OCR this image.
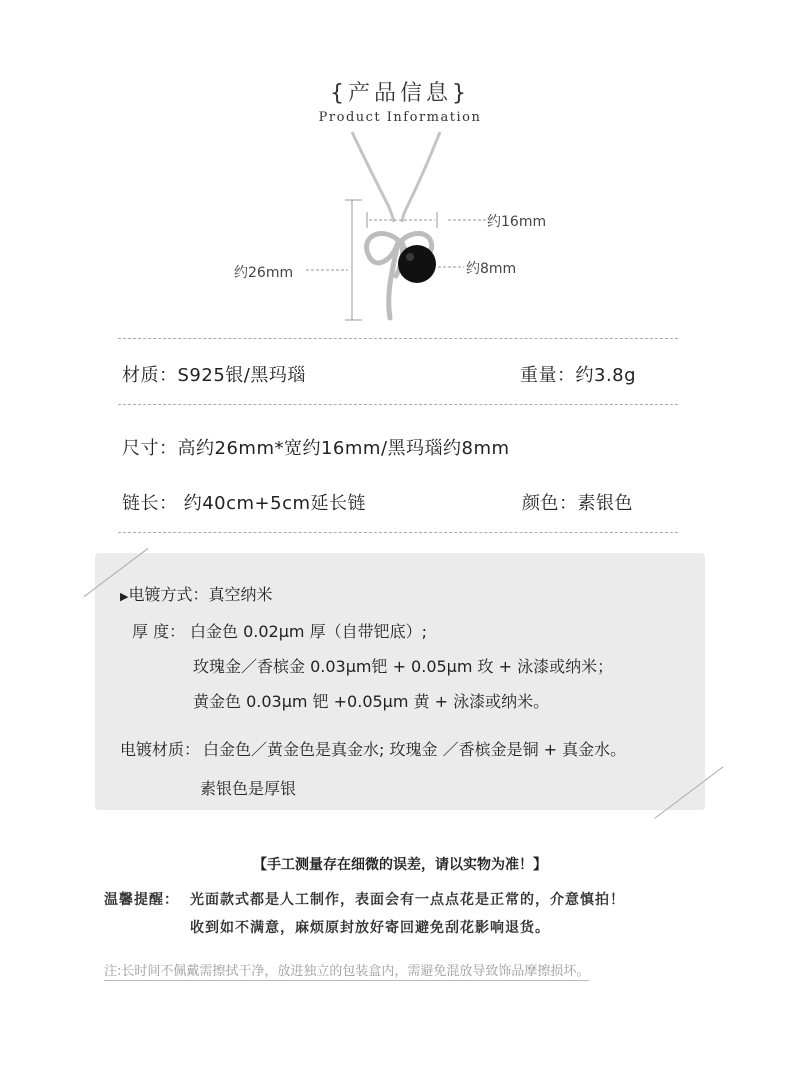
{产品信息}
Product Information
约16mm
约26mm	约8mm
材质：S925银/黑玛瑙	重量：约3.8g
尺寸：高约26mm*宽约16mm/黑玛瑙约8mm
链长： 约40cm+5cm延长链	颜色：素银色
▶电镀方式：真空纳米
厚 度： 白金色 0.02μm 厚（自带钯底）;
玫瑰金／香槟金 0.03μm钯 + 0.05μm 玫 + 泳漆或纳米；
黄金色 0.03μm 钯 +0.05μm 黄 + 泳漆或纳米。
电镀材质： 白金色／黄金色是真金水; 玫瑰金 ／香槟金是铜 + 真金水。
素银色是厚银
【手工测量存在细微的误差，请以实物为准！】
温馨提醒： 光面款式都是人工制作，表面会有一点点花是正常的，介意慎拍！
收到如不满意，麻烦原封放好寄回避免刮花影响退货。
注:长时间不佩戴需擦拭干净，放进独立的包装盒内，需避免混放导致饰品摩擦损坏。
